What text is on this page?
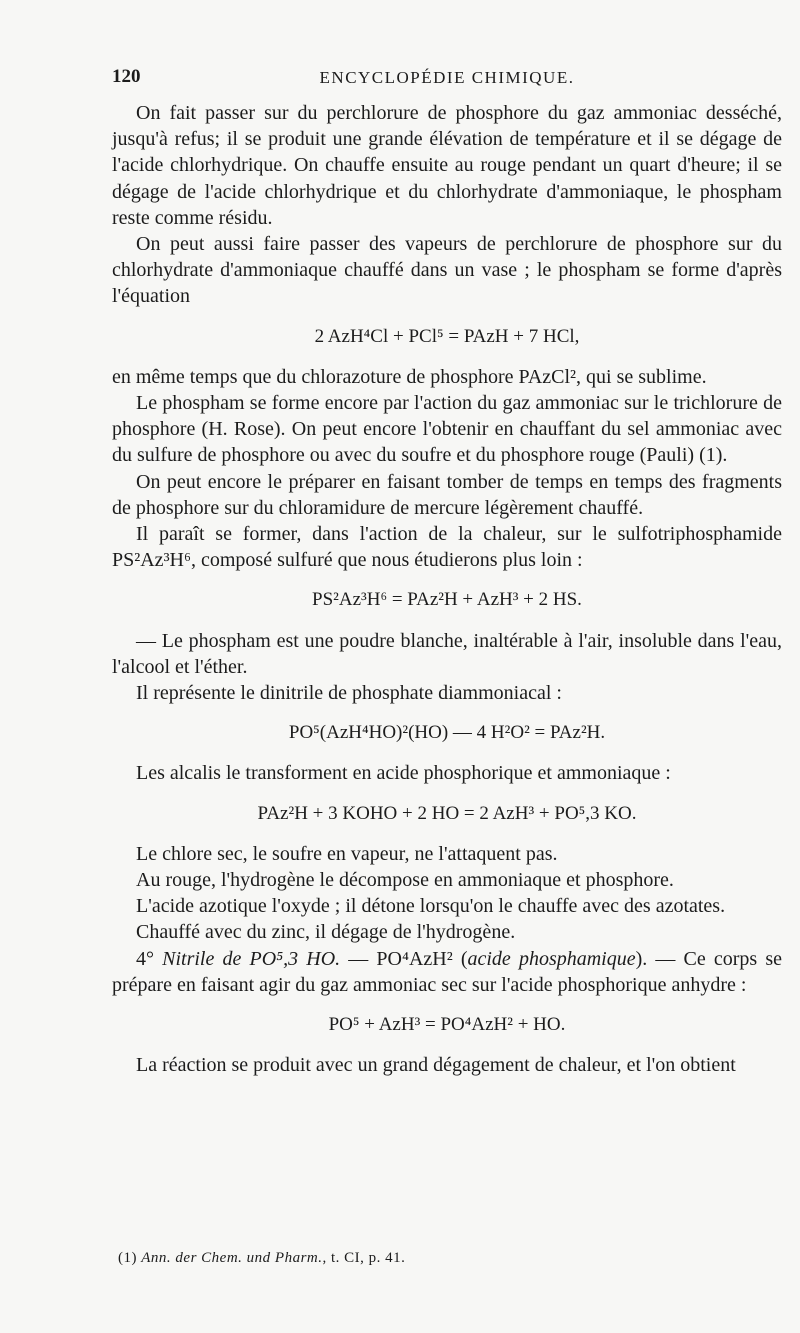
120	ENCYCLOPÉDIE CHIMIQUE.

On fait passer sur du perchlorure de phosphore du gaz ammoniac desséché, jusqu'à refus; il se produit une grande élévation de température et il se dégage de l'acide chlorhydrique. On chauffe ensuite au rouge pendant un quart d'heure; il se dégage de l'acide chlorhydrique et du chlorhydrate d'ammoniaque, le phospham reste comme résidu.

On peut aussi faire passer des vapeurs de perchlorure de phosphore sur du chlorhydrate d'ammoniaque chauffé dans un vase ; le phospham se forme d'après l'équation

2 AzH⁴Cl + PCl⁵ = PAzH + 7 HCl,

en même temps que du chlorazoture de phosphore PAzCl², qui se sublime.

Le phospham se forme encore par l'action du gaz ammoniac sur le trichlorure de phosphore (H. Rose). On peut encore l'obtenir en chauffant du sel ammoniac avec du sulfure de phosphore ou avec du soufre et du phosphore rouge (Pauli) (1).

On peut encore le préparer en faisant tomber de temps en temps des fragments de phosphore sur du chloramidure de mercure légèrement chauffé.

Il paraît se former, dans l'action de la chaleur, sur le sulfotriphosphamide PS²Az³H⁶, composé sulfuré que nous étudierons plus loin :

PS²Az³H⁶ = PAz²H + AzH³ + 2 HS.

— Le phospham est une poudre blanche, inaltérable à l'air, insoluble dans l'eau, l'alcool et l'éther.

Il représente le dinitrile de phosphate diammoniacal :

PO⁵(AzH⁴HO)²(HO) — 4 H²O² = PAz²H.

Les alcalis le transforment en acide phosphorique et ammoniaque :

PAz²H + 3 KOHO + 2 HO = 2 AzH³ + PO⁵,3 KO.

Le chlore sec, le soufre en vapeur, ne l'attaquent pas.

Au rouge, l'hydrogène le décompose en ammoniaque et phosphore.

L'acide azotique l'oxyde ; il détone lorsqu'on le chauffe avec des azotates.

Chauffé avec du zinc, il dégage de l'hydrogène.

4° Nitrile de PO⁵,3 HO. — PO⁴AzH² (acide phosphamique). — Ce corps se prépare en faisant agir du gaz ammoniac sec sur l'acide phosphorique anhydre :

PO⁵ + AzH³ = PO⁴AzH² + HO.

La réaction se produit avec un grand dégagement de chaleur, et l'on obtient

(1) Ann. der Chem. und Pharm., t. CI, p. 41.
